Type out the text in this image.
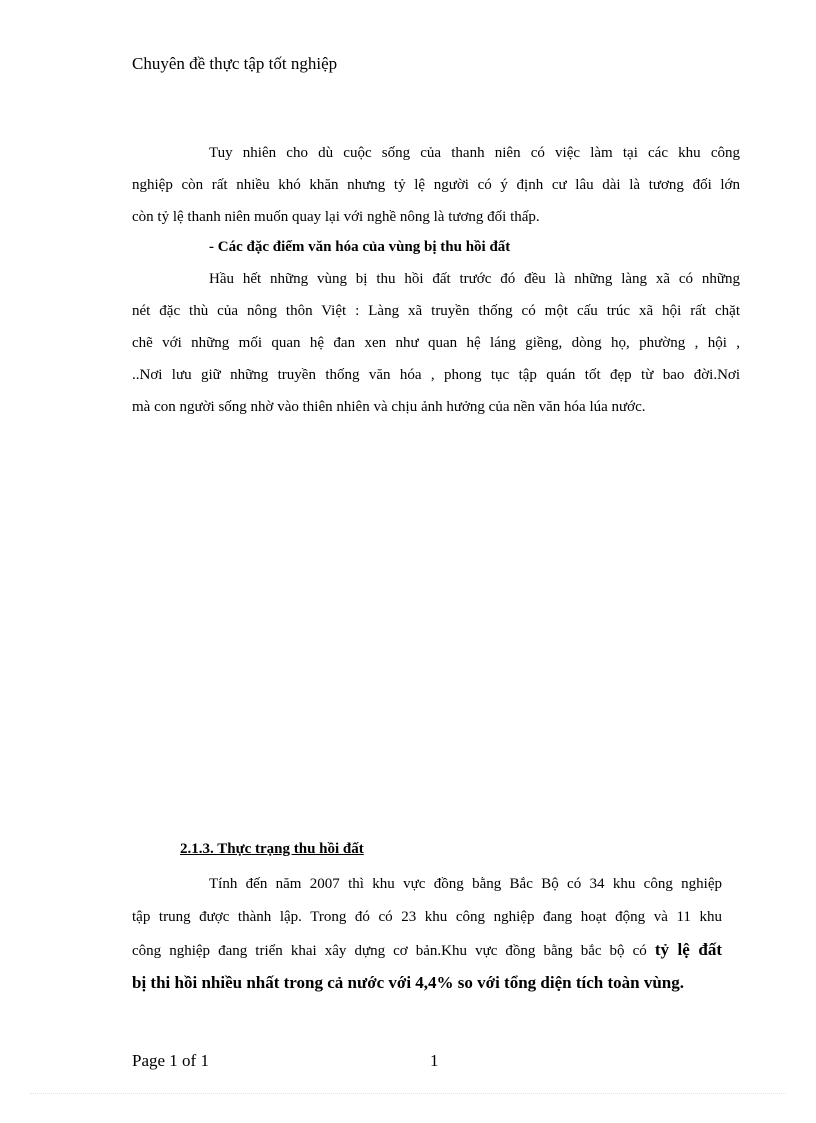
Chuyên đề thực tập tốt nghiệp
Tuy nhiên cho dù cuộc sống của thanh niên có việc làm tại các khu công
nghiệp còn rất nhiều khó khăn nhưng tỷ lệ người có ý định cư lâu dài là tương đối lớn
còn tỷ lệ thanh niên muốn quay lại với nghề nông là tương đối thấp.
- Các đặc điểm văn hóa của vùng bị thu hồi đất
Hầu hết những vùng bị thu hồi đất trước đó đều là những làng xã có những
nét đặc thù của nông thôn Việt : Làng xã truyền thống có một cấu trúc xã hội rất chặt
chẽ với những mối quan hệ đan xen như quan hệ láng giềng, dòng họ, phường , hội ,
..Nơi lưu giữ những truyền thống văn hóa , phong tục tập quán tốt đẹp từ bao đời.Nơi
mà con người sống nhờ vào thiên nhiên và chịu ảnh hưởng của nền văn hóa lúa nước.
2.1.3. Thực trạng thu hồi đất
Tính đến năm 2007 thì khu vực đồng bằng Bắc Bộ có 34 khu công nghiệp
tập trung được thành lập. Trong đó có 23 khu công nghiệp đang hoạt động và 11 khu
công nghiệp đang triển khai xây dựng cơ bản.Khu vực đồng bằng bắc bộ có tỷ lệ đất
bị thi hồi nhiều nhất trong cả nước với 4,4% so với tổng diện tích toàn vùng.
Page 1 of 1	1
